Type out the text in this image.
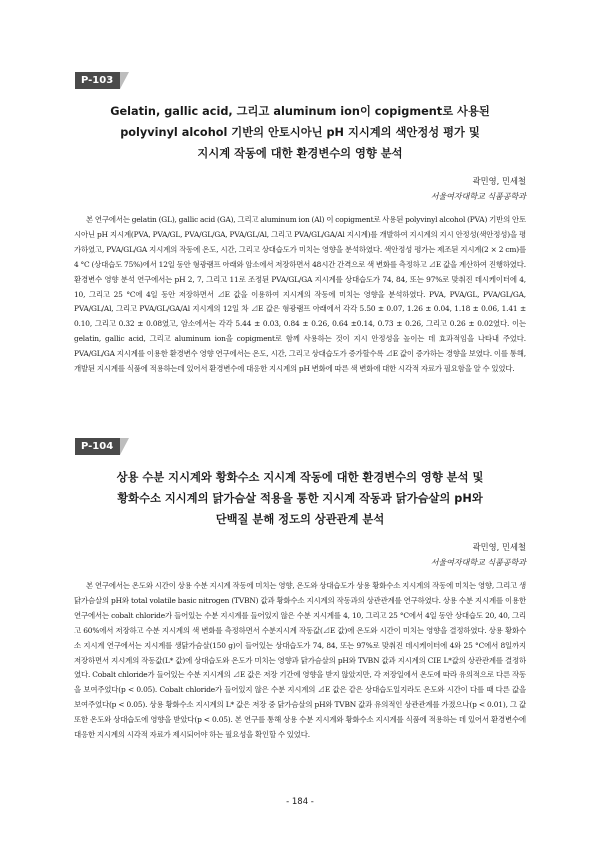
P-103
Gelatin, gallic acid, 그리고 aluminum ion이 copigment로 사용된
polyvinyl alcohol 기반의 안토시아닌 pH 지시계의 색안정성 평가 및
지시계 작동에 대한 환경변수의 영향 분석
곽민영, 민세철
서울여자대학교 식품공학과

본 연구에서는 gelatin (GL), gallic acid (GA), 그리고 aluminum ion (Al) 이 copigment로 사용된 polyvinyl alcohol (PVA) 기반의 안토시아닌 pH 지시계(PVA, PVA/GL, PVA/GL/GA, PVA/GL/Al, 그리고 PVA/GL/GA/Al 지시계)를 개발하여 지시계의 지시 안정성(색안정성)을 평가하였고, PVA/GL/GA 지시계의 작동에 온도, 시간, 그리고 상대습도가 미치는 영향을 분석하였다. 색안정성 평가는 제조된 지시계(2 × 2 cm)를 4 °C (상대습도 75%)에서 12일 동안 형광램프 아래와 암소에서 저장하면서 48시간 간격으로 색 변화를 측정하고 ⊿E 값을 계산하여 진행하였다. 환경변수 영향 분석 연구에서는 pH 2, 7, 그리고 11로 조정된 PVA/GL/GA 지시계를 상대습도가 74, 84, 또는 97%로 맞춰진 데시케이터에 4, 10, 그리고 25 °C에 4일 동안 저장하면서 ⊿E 값을 이용하여 지시계의 작동에 미치는 영향을 분석하였다. PVA, PVA/GL, PVA/GL/GA, PVA/GL/Al, 그리고 PVA/GL/GA/Al 지시계의 12일 차 ⊿E 값은 형광램프 아래에서 각각 5.50 ± 0.07, 1.26 ± 0.04, 1.18 ± 0.06, 1.41 ± 0.10, 그리고 0.32 ± 0.08였고, 암소에서는 각각 5.44 ± 0.03, 0.84 ± 0.26, 0.64 ±0.14, 0.73 ± 0.26, 그리고 0.26 ± 0.02였다. 이는 gelatin, gallic acid, 그리고 aluminum ion을 copigment로 함께 사용하는 것이 지시 안정성을 높이는 데 효과적임을 나타내 주었다. PVA/GL/GA 지시계를 이용한 환경변수 영향 연구에서는 온도, 시간, 그리고 상대습도가 증가할수록 ⊿E 값이 증가하는 경향을 보였다. 이를 통해, 개발된 지시계를 식품에 적용하는데 있어서 환경변수에 대응한 지시계의 pH 변화에 따른 색 변화에 대한 시각적 자료가 필요함을 알 수 있었다.

P-104
상용 수분 지시계와 황화수소 지시계 작동에 대한 환경변수의 영향 분석 및
황화수소 지시계의 닭가슴살 적용을 통한 지시계 작동과 닭가슴살의 pH와
단백질 분해 정도의 상관관계 분석
곽민영, 민세철
서울여자대학교 식품공학과

본 연구에서는 온도와 시간이 상용 수분 지시계 작동에 미치는 영향, 온도와 상대습도가 상용 황화수소 지시계의 작동에 미치는 영향, 그리고 생닭가슴살의 pH와 total volatile basic nitrogen (TVBN) 값과 황화수소 지시계의 작동과의 상관관계를 연구하였다. 상용 수분 지시계를 이용한 연구에서는 cobalt chloride가 들어있는 수분 지시계를 들어있지 않은 수분 지시계를 4, 10, 그리고 25 °C에서 4일 동안 상대습도 20, 40, 그리고 60%에서 저장하고 수분 지시계의 색 변화를 측정하면서 수분지시계 작동값(⊿E 값)에 온도와 시간이 미치는 영향을 결정하였다. 상용 황화수소 지시계 연구에서는 지시계를 생닭가슴살(150 g)이 들어있는 상대습도가 74, 84, 또는 97%로 맞춰진 데시케이터에 4와 25 °C에서 8일까지 저장하면서 지시계의 작동값(L* 값)에 상대습도와 온도가 미치는 영향과 닭가슴살의 pH와 TVBN 값과 지시계의 CIE L*값의 상관관계를 결정하였다. Cobalt chloride가 들어있는 수분 지시계의 ⊿E 값은 저장 기간에 영향을 받지 않았지만, 각 저장일에서 온도에 따라 유의적으로 다른 작동을 보여주었다(p < 0.05). Cobalt chloride가 들어있지 않은 수분 지시계의 ⊿E 값은 같은 상대습도일지라도 온도와 시간이 다를 때 다른 값을 보여주었다(p < 0.05). 상용 황화수소 지시계의 L* 값은 저장 중 닭가슴살의 pH와 TVBN 값과 유의적인 상관관계를 가졌으나(p < 0.01), 그 값 또한 온도와 상대습도에 영향을 받았다(p < 0.05). 본 연구를 통해 상용 수분 지시계와 황화수소 지시계를 식품에 적용하는 데 있어서 환경변수에 대응한 지시계의 시각적 자료가 제시되어야 하는 필요성을 확인할 수 있었다.

- 184 -
